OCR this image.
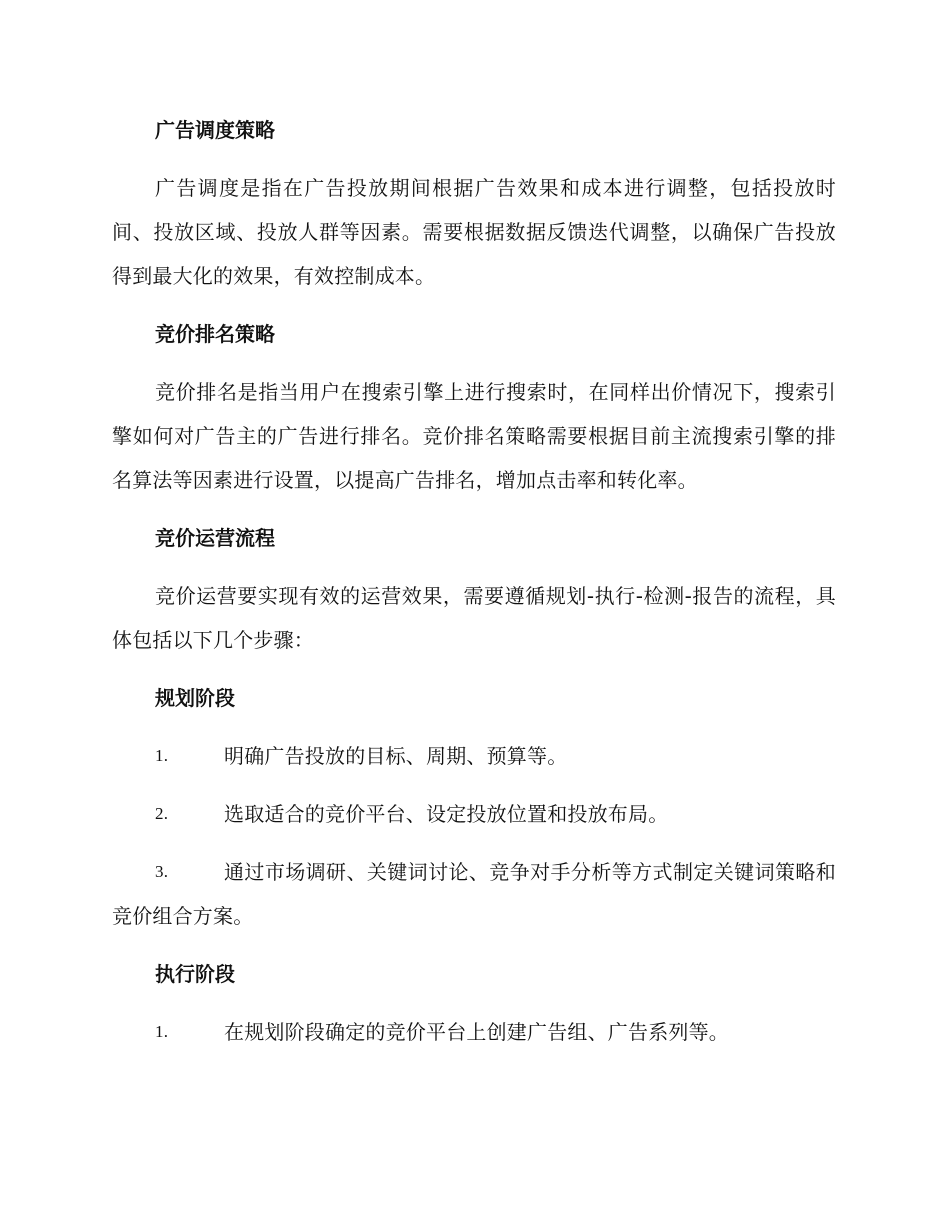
广告调度策略
广告调度是指在广告投放期间根据广告效果和成本进行调整，包括投放时间、投放区域、投放人群等因素。需要根据数据反馈迭代调整，以确保广告投放得到最大化的效果，有效控制成本。
竞价排名策略
竞价排名是指当用户在搜索引擎上进行搜索时，在同样出价情况下，搜索引擎如何对广告主的广告进行排名。竞价排名策略需要根据目前主流搜索引擎的排名算法等因素进行设置，以提高广告排名，增加点击率和转化率。
竞价运营流程
竞价运营要实现有效的运营效果，需要遵循规划-执行-检测-报告的流程，具体包括以下几个步骤：
规划阶段
1.	明确广告投放的目标、周期、预算等。
2.	选取适合的竞价平台、设定投放位置和投放布局。
3.	通过市场调研、关键词讨论、竞争对手分析等方式制定关键词策略和竞价组合方案。
执行阶段
1.	在规划阶段确定的竞价平台上创建广告组、广告系列等。
